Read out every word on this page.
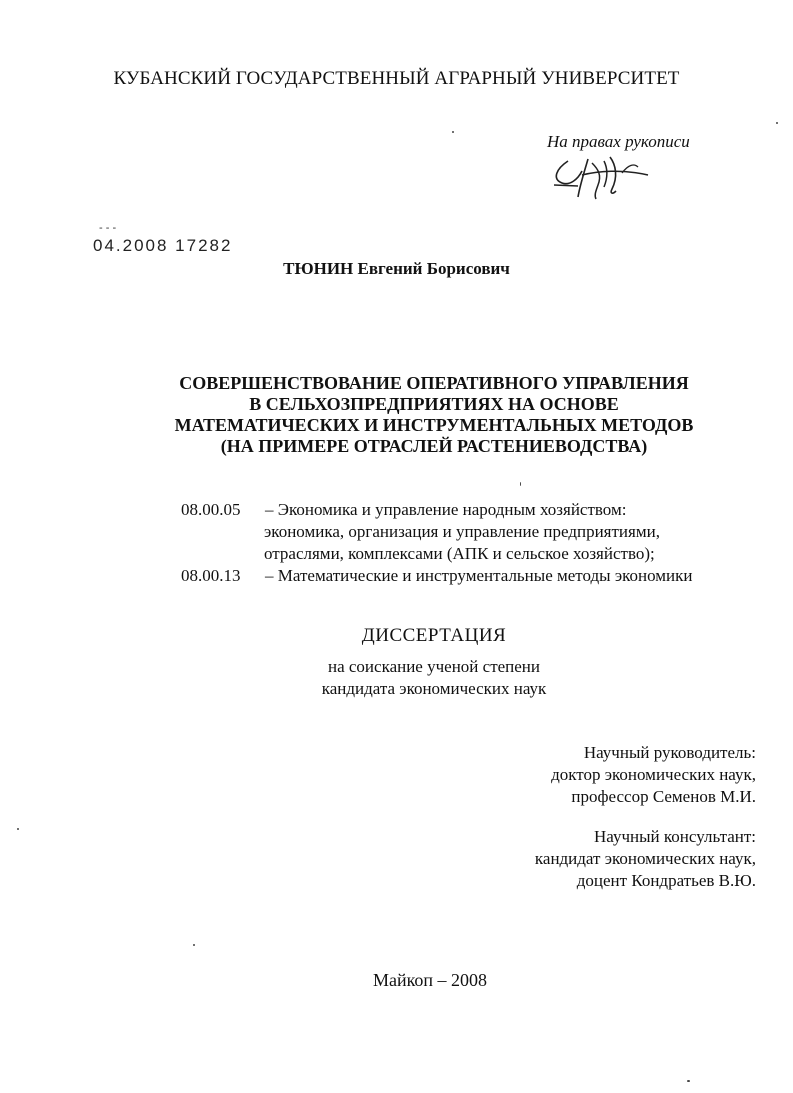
КУБАНСКИЙ ГОСУДАРСТВЕННЫЙ АГРАРНЫЙ УНИВЕРСИТЕТ
На правах рукописи
- - -
04.2008 17282
ТЮНИН Евгений Борисович
СОВЕРШЕНСТВОВАНИЕ ОПЕРАТИВНОГО УПРАВЛЕНИЯ
В СЕЛЬХОЗПРЕДПРИЯТИЯХ НА ОСНОВЕ
МАТЕМАТИЧЕСКИХ И ИНСТРУМЕНТАЛЬНЫХ МЕТОДОВ
(НА ПРИМЕРЕ ОТРАСЛЕЙ РАСТЕНИЕВОДСТВА)
08.00.05 – Экономика и управление народным хозяйством:
экономика, организация и управление предприятиями,
отраслями, комплексами (АПК и сельское хозяйство);
08.00.13 – Математические и инструментальные методы экономики
ДИССЕРТАЦИЯ
на соискание ученой степени
кандидата экономических наук
Научный руководитель:
доктор экономических наук,
профессор Семенов М.И.
Научный консультант:
кандидат экономических наук,
доцент Кондратьев В.Ю.
Майкоп – 2008
